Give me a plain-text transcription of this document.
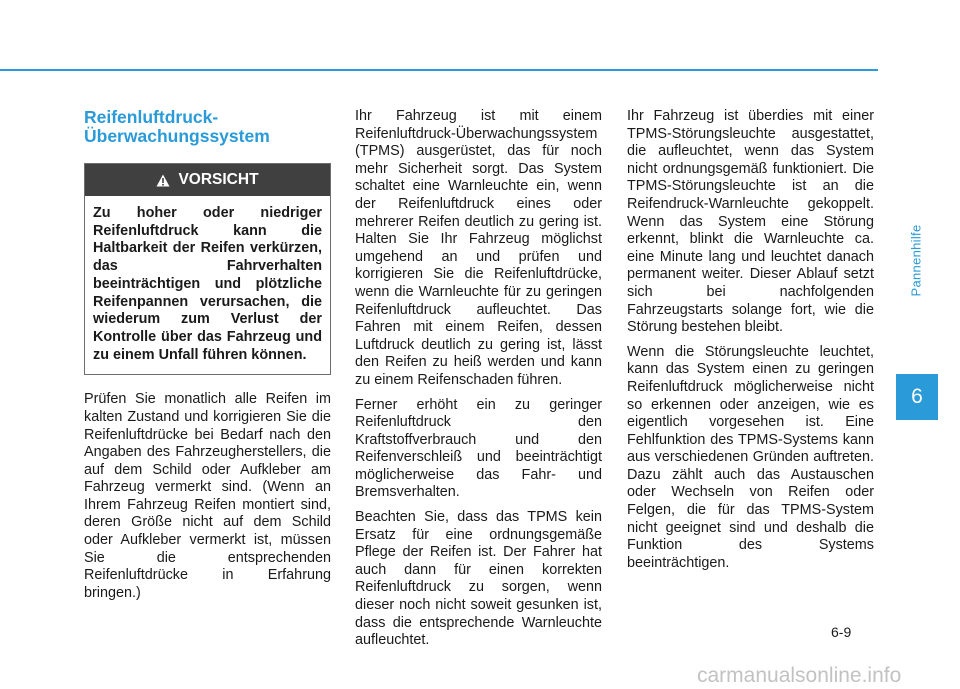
Reifenluftdruck-Überwachungssystem
VORSICHT
Zu hoher oder niedriger Reifenluftdruck kann die Haltbarkeit der Reifen verkürzen, das Fahrverhalten beeinträchtigen und plötzliche Reifenpannen verursachen, die wiederum zum Verlust der Kontrolle über das Fahrzeug und zu einem Unfall führen können.

Prüfen Sie monatlich alle Reifen im kalten Zustand und korrigieren Sie die Reifenluftdrücke bei Bedarf nach den Angaben des Fahrzeugherstellers, die auf dem Schild oder Aufkleber am Fahrzeug vermerkt sind. (Wenn an Ihrem Fahrzeug Reifen montiert sind, deren Größe nicht auf dem Schild oder Aufkleber vermerkt ist, müssen Sie die entsprechenden Reifenluftdrücke in Erfahrung bringen.)

Ihr Fahrzeug ist mit einem Reifenluftdruck-Überwachungssystem (TPMS) ausgerüstet, das für noch mehr Sicherheit sorgt. Das System schaltet eine Warnleuchte ein, wenn der Reifenluftdruck eines oder mehrerer Reifen deutlich zu gering ist. Halten Sie Ihr Fahrzeug möglichst umgehend an und prüfen und korrigieren Sie die Reifenluftdrücke, wenn die Warnleuchte für zu geringen Reifenluftdruck aufleuchtet. Das Fahren mit einem Reifen, dessen Luftdruck deutlich zu gering ist, lässt den Reifen zu heiß werden und kann zu einem Reifenschaden führen.

Ferner erhöht ein zu geringer Reifenluftdruck den Kraftstoffverbrauch und den Reifenverschleiß und beeinträchtigt möglicherweise das Fahr- und Bremsverhalten.

Beachten Sie, dass das TPMS kein Ersatz für eine ordnungsgemäße Pflege der Reifen ist. Der Fahrer hat auch dann für einen korrekten Reifenluftdruck zu sorgen, wenn dieser noch nicht soweit gesunken ist, dass die entsprechende Warnleuchte aufleuchtet.

Ihr Fahrzeug ist überdies mit einer TPMS-Störungsleuchte ausgestattet, die aufleuchtet, wenn das System nicht ordnungsgemäß funktioniert. Die TPMS-Störungsleuchte ist an die Reifendruck-Warnleuchte gekoppelt. Wenn das System eine Störung erkennt, blinkt die Warnleuchte ca. eine Minute lang und leuchtet danach permanent weiter. Dieser Ablauf setzt sich bei nachfolgenden Fahrzeugstarts solange fort, wie die Störung bestehen bleibt.

Wenn die Störungsleuchte leuchtet, kann das System einen zu geringen Reifenluftdruck möglicherweise nicht so erkennen oder anzeigen, wie es eigentlich vorgesehen ist. Eine Fehlfunktion des TPMS-Systems kann aus verschiedenen Gründen auftreten. Dazu zählt auch das Austauschen oder Wechseln von Reifen oder Felgen, die für das TPMS-System nicht geeignet sind und deshalb die Funktion des Systems beeinträchtigen.

Pannenhilfe
6
6-9
carmanualsonline.info
